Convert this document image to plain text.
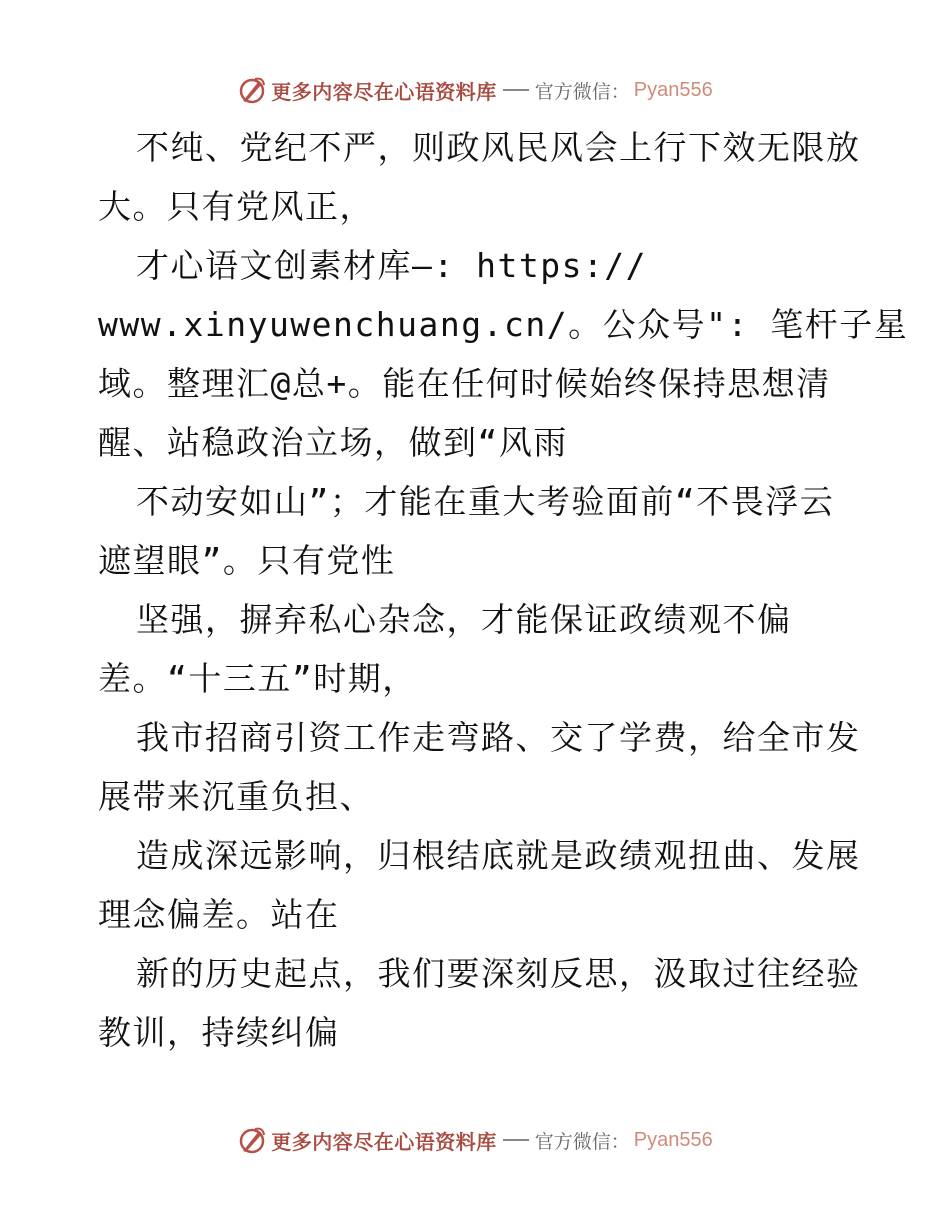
更多内容尽在心语资料库 官方微信： Pyan556
不纯、党纪不严，则政风民风会上行下效无限放
大。只有党风正，
才心语文创素材库—: https://
www.xinyuwenchuang.cn/。公众号": 笔杆子星
域。整理汇@总+。能在任何时候始终保持思想清
醒、站稳政治立场，做到“风雨
不动安如山”；才能在重大考验面前“不畏浮云
遮望眼”。只有党性
坚强，摒弃私心杂念，才能保证政绩观不偏
差。“十三五”时期，
我市招商引资工作走弯路、交了学费，给全市发
展带来沉重负担、
造成深远影响，归根结底就是政绩观扭曲、发展
理念偏差。站在
新的历史起点，我们要深刻反思，汲取过往经验
教训，持续纠偏
更多内容尽在心语资料库 官方微信： Pyan556
